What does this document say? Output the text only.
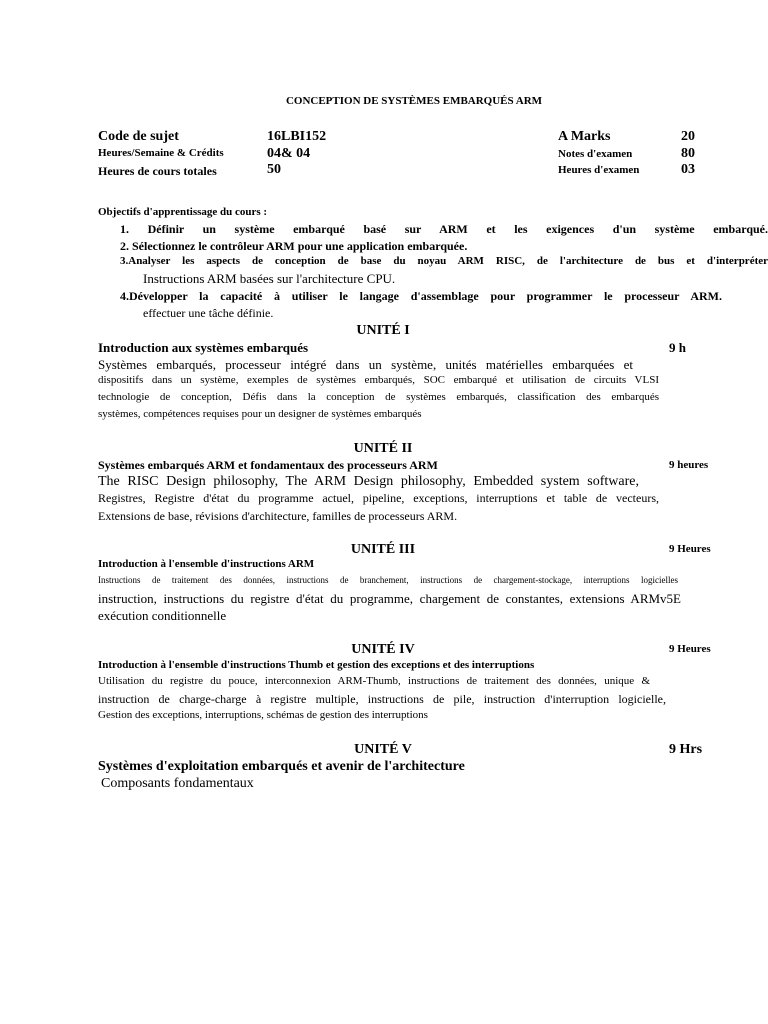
CONCEPTION DE SYSTÈMES EMBARQUÉS ARM
Code de sujet	16LBI152	A Marks	20
Heures/Semaine & Crédits	04& 04	Notes d'examen	80
Heures de cours totales	50	Heures d'examen	03
Objectifs d'apprentissage du cours :
1. Définir un système embarqué basé sur ARM et les exigences d'un système embarqué.
2. Sélectionnez le contrôleur ARM pour une application embarquée.
3.Analyser les aspects de conception de base du noyau ARM RISC, de l'architecture de bus et d'interpréter
Instructions ARM basées sur l'architecture CPU.
4.Développer la capacité à utiliser le langage d'assemblage pour programmer le processeur ARM.
effectuer une tâche définie.
UNITÉ I
Introduction aux systèmes embarqués	9 h
Systèmes embarqués, processeur intégré dans un système, unités matérielles embarquées et
dispositifs dans un système, exemples de systèmes embarqués, SOC embarqué et utilisation de circuits VLSI
technologie de conception, Défis dans la conception de systèmes embarqués, classification des embarqués
systèmes, compétences requises pour un designer de systèmes embarqués
UNITÉ II
Systèmes embarqués ARM et fondamentaux des processeurs ARM	9 heures
The RISC Design philosophy, The ARM Design philosophy, Embedded system software,
Registres, Registre d'état du programme actuel, pipeline, exceptions, interruptions et table de vecteurs,
Extensions de base, révisions d'architecture, familles de processeurs ARM.
UNITÉ III	9 Heures
Introduction à l'ensemble d'instructions ARM
Instructions de traitement des données, instructions de branchement, instructions de chargement-stockage, interruptions logicielles
instruction, instructions du registre d'état du programme, chargement de constantes, extensions ARMv5E
exécution conditionnelle
UNITÉ IV	9 Heures
Introduction à l'ensemble d'instructions Thumb et gestion des exceptions et des interruptions
Utilisation du registre du pouce, interconnexion ARM-Thumb, instructions de traitement des données, unique &
instruction de charge-charge à registre multiple, instructions de pile, instruction d'interruption logicielle,
Gestion des exceptions, interruptions, schémas de gestion des interruptions
UNITÉ V	9 Hrs
Systèmes d'exploitation embarqués et avenir de l'architecture
Composants fondamentaux
